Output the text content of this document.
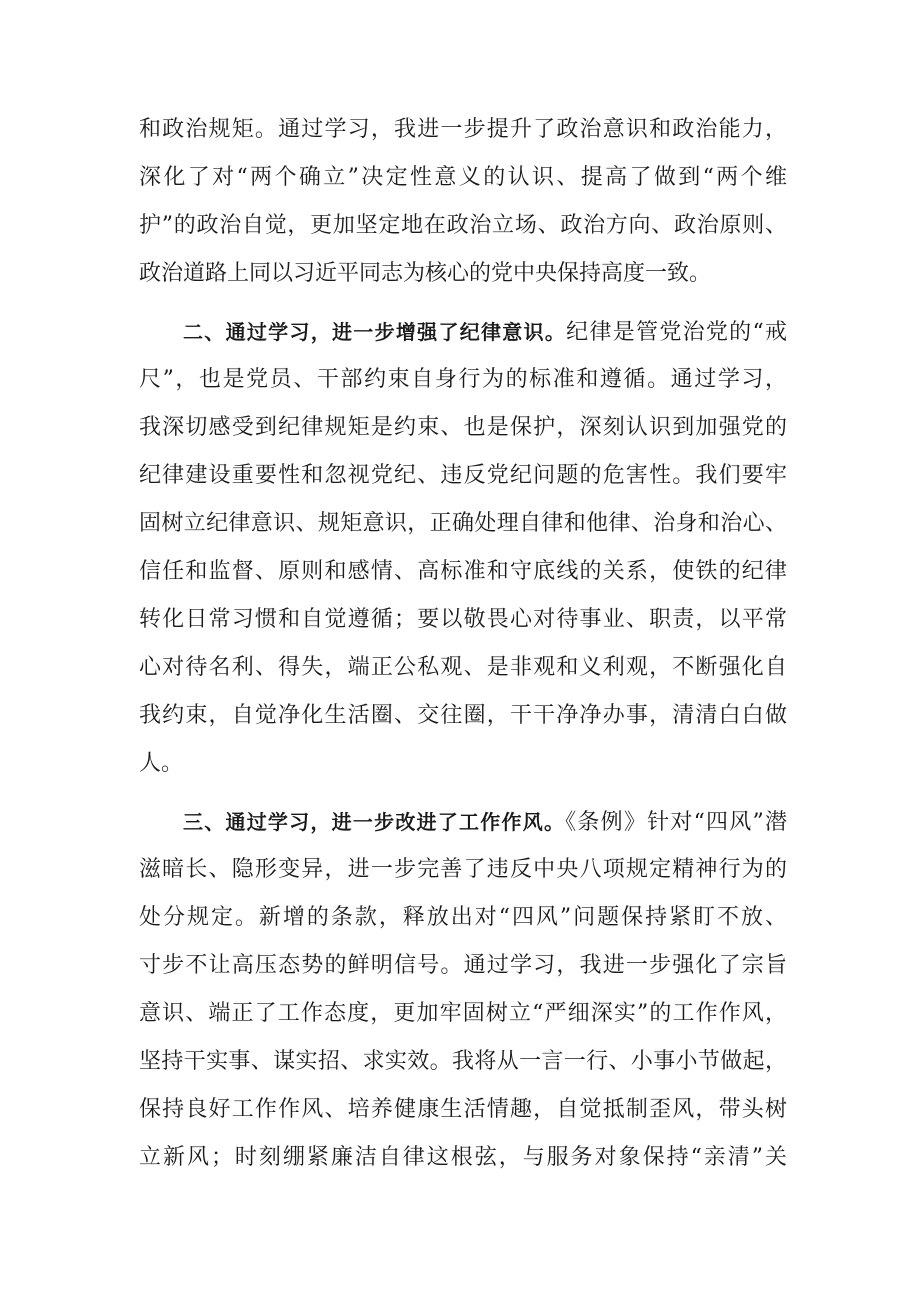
和政治规矩。通过学习，我进一步提升了政治意识和政治能力，
深化了对“两个确立”决定性意义的认识、提高了做到“两个维
护”的政治自觉，更加坚定地在政治立场、政治方向、政治原则、
政治道路上同以习近平同志为核心的党中央保持高度一致。
二、通过学习，进一步增强了纪律意识。纪律是管党治党的“戒
尺”，也是党员、干部约束自身行为的标准和遵循。通过学习，
我深切感受到纪律规矩是约束、也是保护，深刻认识到加强党的
纪律建设重要性和忽视党纪、违反党纪问题的危害性。我们要牢
固树立纪律意识、规矩意识，正确处理自律和他律、治身和治心、
信任和监督、原则和感情、高标准和守底线的关系，使铁的纪律
转化日常习惯和自觉遵循；要以敬畏心对待事业、职责，以平常
心对待名利、得失，端正公私观、是非观和义利观，不断强化自
我约束，自觉净化生活圈、交往圈，干干净净办事，清清白白做
人。
三、通过学习，进一步改进了工作作风。《条例》针对“四风”潜
滋暗长、隐形变异，进一步完善了违反中央八项规定精神行为的
处分规定。新增的条款，释放出对“四风”问题保持紧盯不放、
寸步不让高压态势的鲜明信号。通过学习，我进一步强化了宗旨
意识、端正了工作态度，更加牢固树立“严细深实”的工作作风，
坚持干实事、谋实招、求实效。我将从一言一行、小事小节做起，
保持良好工作作风、培养健康生活情趣，自觉抵制歪风，带头树
立新风；时刻绷紧廉洁自律这根弦，与服务对象保持“亲清”关
